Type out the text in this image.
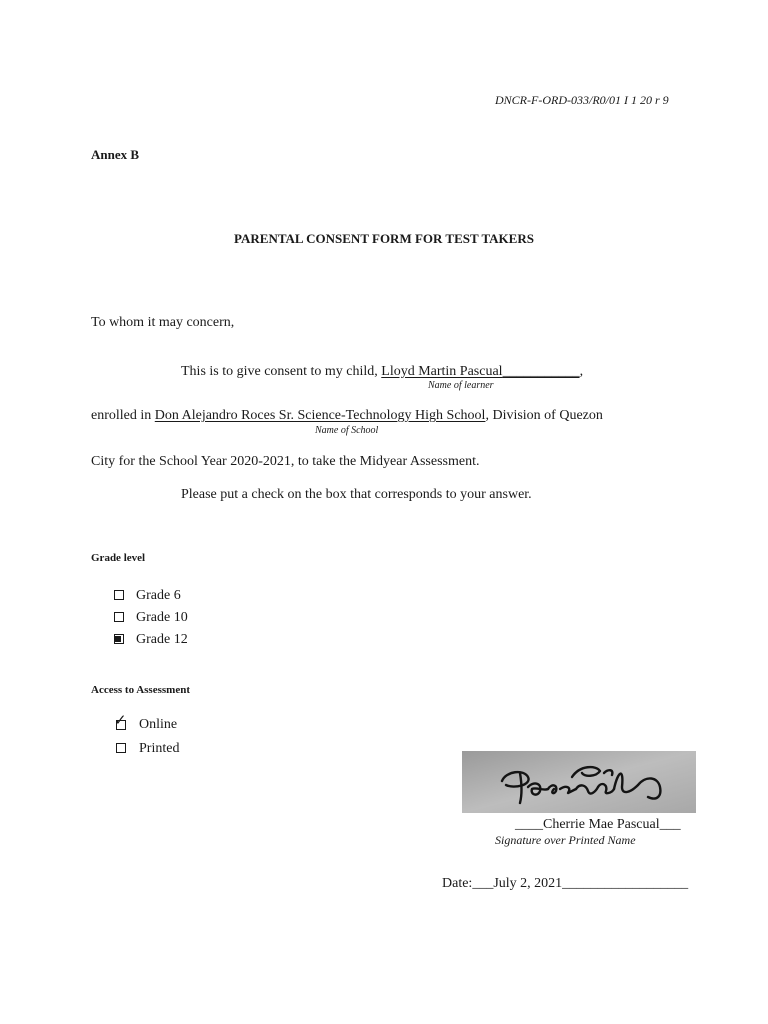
DNCR-F-ORD-033/R0/01 I 1 20 r 9
Annex B
PARENTAL CONSENT FORM FOR TEST TAKERS
To whom it may concern,
This is to give consent to my child, Lloyd Martin Pascual___________,
Name of learner
enrolled in Don Alejandro Roces Sr. Science-Technology High School, Division of Quezon
Name of School
City for the School Year 2020-2021, to take the Midyear Assessment.
Please put a check on the box that corresponds to your answer.
Grade level
Grade 6
Grade 10
Grade 12
Access to Assessment
✓ Online
Printed
____Cherrie Mae Pascual___
Signature over Printed Name
Date:___July 2, 2021__________________
